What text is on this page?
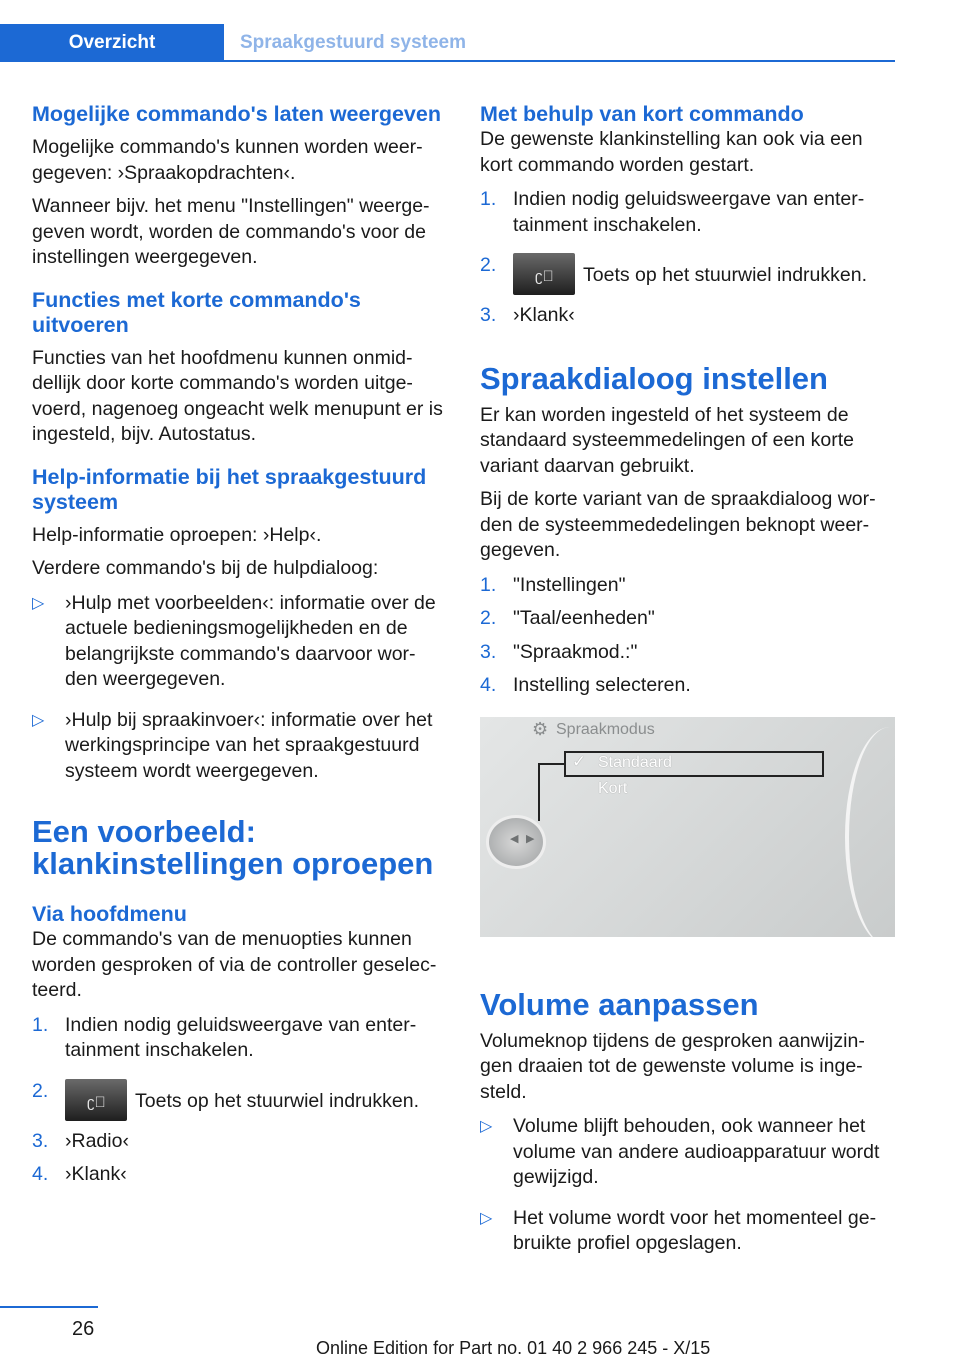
Overzicht	Spraakgestuurd systeem
Mogelijke commando's laten weergeven

Mogelijke commando's kunnen worden weer-gegeven: ›Spraakopdrachten‹.

Wanneer bijv. het menu "Instellingen" weerge-geven wordt, worden de commando's voor de instellingen weergegeven.

Functies met korte commando's uitvoeren

Functies van het hoofdmenu kunnen onmid-dellijk door korte commando's worden uitge-voerd, nagenoeg ongeacht welk menupunt er is ingesteld, bijv. Autostatus.

Help-informatie bij het spraakgestuurd systeem

Help-informatie oproepen: ›Help‹.

Verdere commando's bij de hulpdialoog:

▷	›Hulp met voorbeelden‹: informatie over de actuele bedieningsmogelijkheden en de belangrijkste commando's daarvoor wor-den weergegeven.
▷	›Hulp bij spraakinvoer‹: informatie over het werkingsprincipe van het spraakgestuurd systeem wordt weergegeven.
Een voorbeeld: klankinstellingen oproepen
Via hoofdmenu

De commando's van de menuopties kunnen worden gesproken of via de controller geselec-teerd.

1. Indien nodig geluidsweergave van enter-tainment inschakelen.
2.
ʗ⃨ Toets op het stuurwiel indrukken.
3. ›Radio‹
4. ›Klank‹
Met behulp van kort commando

De gewenste klankinstelling kan ook via een kort commando worden gestart.

1. Indien nodig geluidsweergave van enter-tainment inschakelen.
2.
ʗ⃨ Toets op het stuurwiel indrukken.
3. ›Klank‹
Spraakdialoog instellen

Er kan worden ingesteld of het systeem de standaard systeemmedelingen of een korte variant daarvan gebruikt.

Bij de korte variant van de spraakdialoog wor-den de systeemmededelingen beknopt weer-gegeven.

1. "Instellingen"
2. "Taal/eenheden"
3. "Spraakmod.:"
4. Instelling selecteren.
⚙ Spraakmodus
✓ Standaard
Kort
◀ ▶
Volume aanpassen

Volumeknop tijdens de gesproken aanwijzin-gen draaien tot de gewenste volume is inge-steld.

▷	Volume blijft behouden, ook wanneer het volume van andere audioapparatuur wordt gewijzigd.
▷	Het volume wordt voor het momenteel ge-bruikte profiel opgeslagen.
26
Online Edition for Part no. 01 40 2 966 245 - X/15
